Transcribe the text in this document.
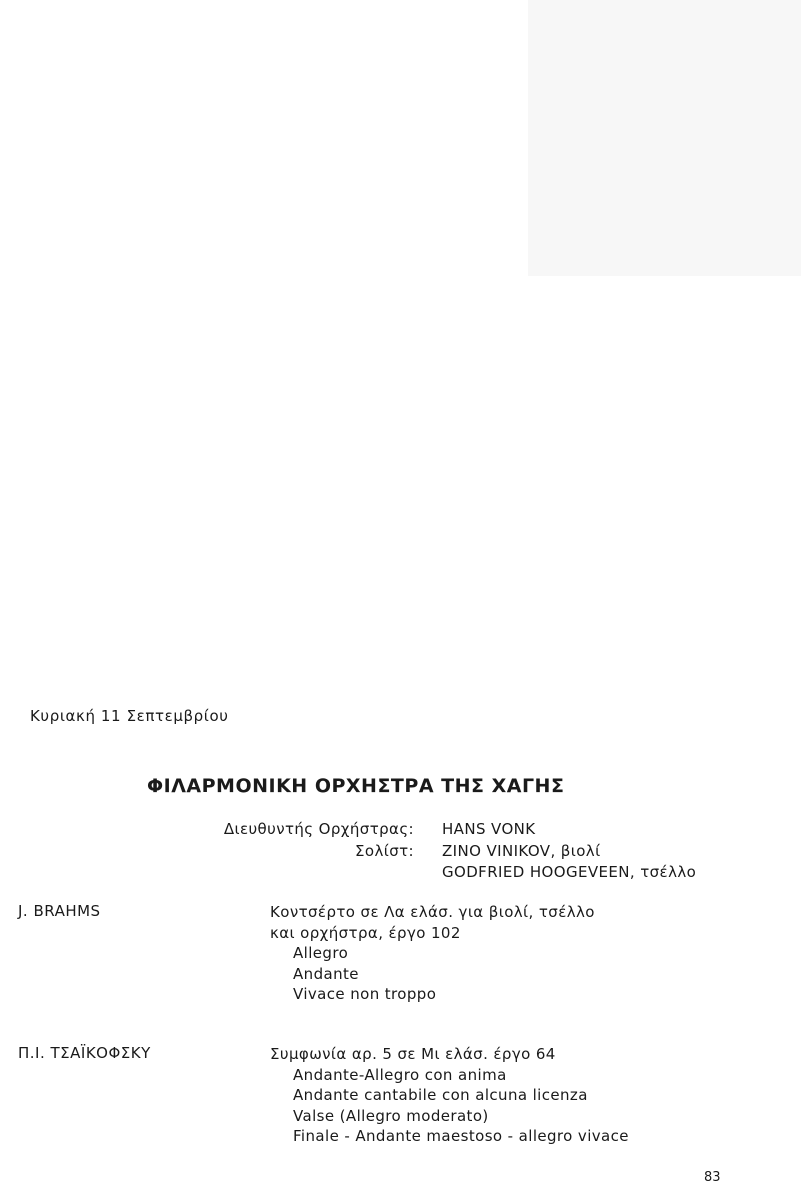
Κυριακή 11 Σεπτεμβρίου
ΦΙΛΑΡΜΟΝΙΚΗ ΟΡΧΗΣΤΡΑ ΤΗΣ ΧΑΓΗΣ
Διευθυντής Ορχήστρας: HANS VONK
Σολίστ: ZINO VINIKOV, βιολί
GODFRIED HOOGEVEEN, τσέλλο
J. BRAHMS	Κοντσέρτο σε Λα ελάσ. για βιολί, τσέλλο
και ορχήστρα, έργο 102
Allegro
Andante
Vivace non troppo
Π.Ι. ΤΣΑΪΚΟΦΣΚΥ	Συμφωνία αρ. 5 σε Μι ελάσ. έργο 64
Andante-Allegro con anima
Andante cantabile con alcuna licenza
Valse (Allegro moderato)
Finale - Andante maestoso - allegro vivace
83
